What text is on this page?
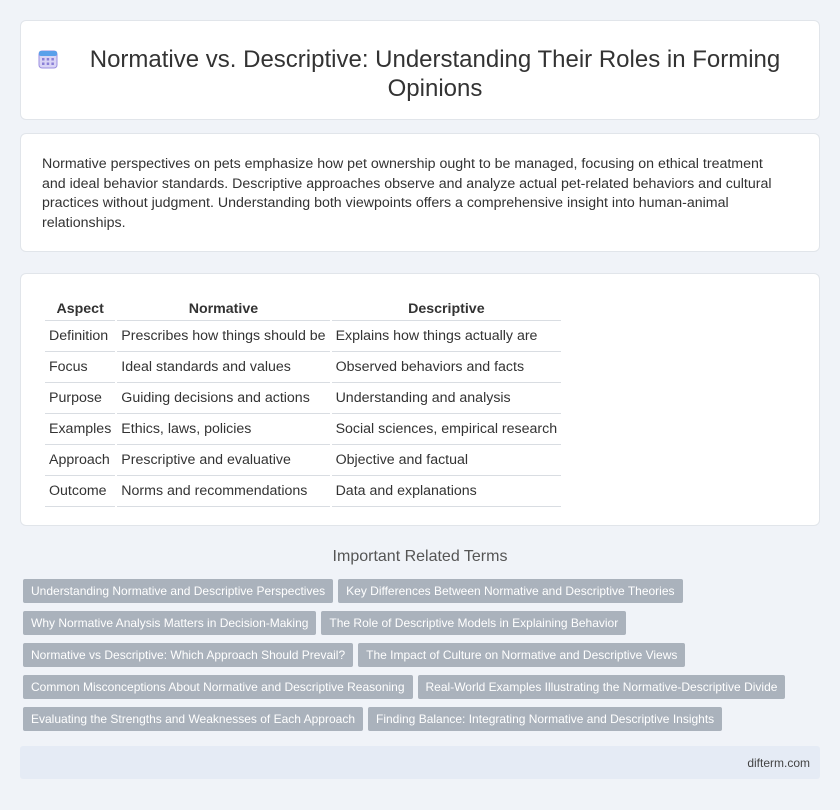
Normative vs. Descriptive: Understanding Their Roles in Forming Opinions

Normative perspectives on pets emphasize how pet ownership ought to be managed, focusing on ethical treatment and ideal behavior standards. Descriptive approaches observe and analyze actual pet-related behaviors and cultural practices without judgment. Understanding both viewpoints offers a comprehensive insight into human-animal relationships.

Aspect	Normative	Descriptive
Definition	Prescribes how things should be	Explains how things actually are
Focus	Ideal standards and values	Observed behaviors and facts
Purpose	Guiding decisions and actions	Understanding and analysis
Examples	Ethics, laws, policies	Social sciences, empirical research
Approach	Prescriptive and evaluative	Objective and factual
Outcome	Norms and recommendations	Data and explanations
Important Related Terms
Understanding Normative and Descriptive Perspectives Key Differences Between Normative and Descriptive Theories
Why Normative Analysis Matters in Decision-Making The Role of Descriptive Models in Explaining Behavior
Normative vs Descriptive: Which Approach Should Prevail? The Impact of Culture on Normative and Descriptive Views
Common Misconceptions About Normative and Descriptive Reasoning Real-World Examples Illustrating the Normative-Descriptive Divide
Evaluating the Strengths and Weaknesses of Each Approach Finding Balance: Integrating Normative and Descriptive Insights
difterm.com
